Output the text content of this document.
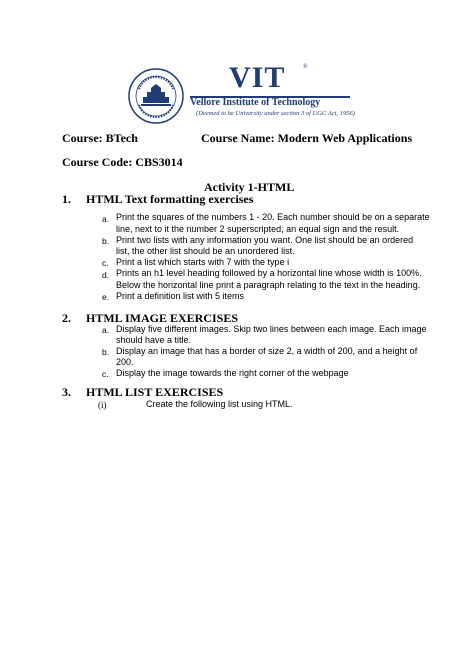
VIT	®
Vellore Institute of Technology
(Deemed to be University under section 3 of UGC Act, 1956)
Course: BTech	Course Name: Modern Web Applications
Course Code: CBS3014
Activity 1-HTML
1. HTML Text formatting exercises
a. Print the squares of the numbers 1 - 20. Each number should be on a separate
line, next to it the number 2 superscripted, an equal sign and the result.
b. Print two lists with any information you want. One list should be an ordered
list, the other list should be an unordered list.
c. Print a list which starts with 7 with the type i
d. Prints an h1 level heading followed by a horizontal line whose width is 100%.
Below the horizontal line print a paragraph relating to the text in the heading.
e. Print a definition list with 5 items
2. HTML IMAGE EXERCISES
a. Display five different images. Skip two lines between each image. Each image
should have a title.
b. Display an image that has a border of size 2, a width of 200, and a height of
200.
c. Display the image towards the right corner of the webpage
3. HTML LIST EXERCISES
(i)	Create the following list using HTML.
